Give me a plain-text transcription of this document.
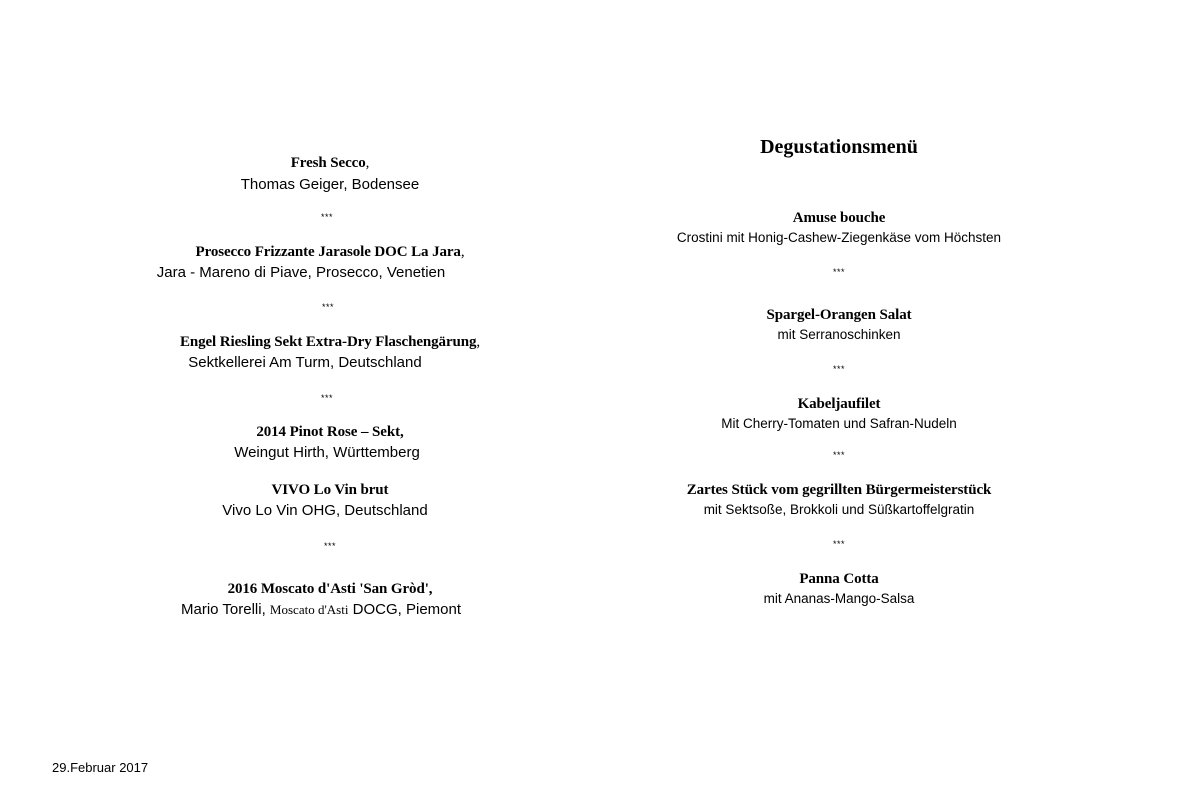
Fresh Secco,
Thomas Geiger, Bodensee
***
Prosecco Frizzante Jarasole DOC La Jara,
Jara - Mareno di Piave, Prosecco, Venetien
***
Engel Riesling Sekt Extra-Dry Flaschengärung,
Sektkellerei Am Turm, Deutschland
***
2014 Pinot Rose – Sekt,
Weingut Hirth, Württemberg
VIVO Lo Vin brut
Vivo Lo Vin OHG, Deutschland
***
2016 Moscato d'Asti 'San Gròd',
Mario Torelli, Moscato d'Asti DOCG, Piemont
Degustationsmenü
Amuse bouche
Crostini mit Honig-Cashew-Ziegenkäse vom Höchsten
***
Spargel-Orangen Salat
mit Serranoschinken
***
Kabeljaufilet
Mit Cherry-Tomaten und Safran-Nudeln
***
Zartes Stück vom gegrillten Bürgermeisterstück
mit Sektsoße, Brokkoli und Süßkartoffelgratin
***
Panna Cotta
mit Ananas-Mango-Salsa
29.Februar 2017
